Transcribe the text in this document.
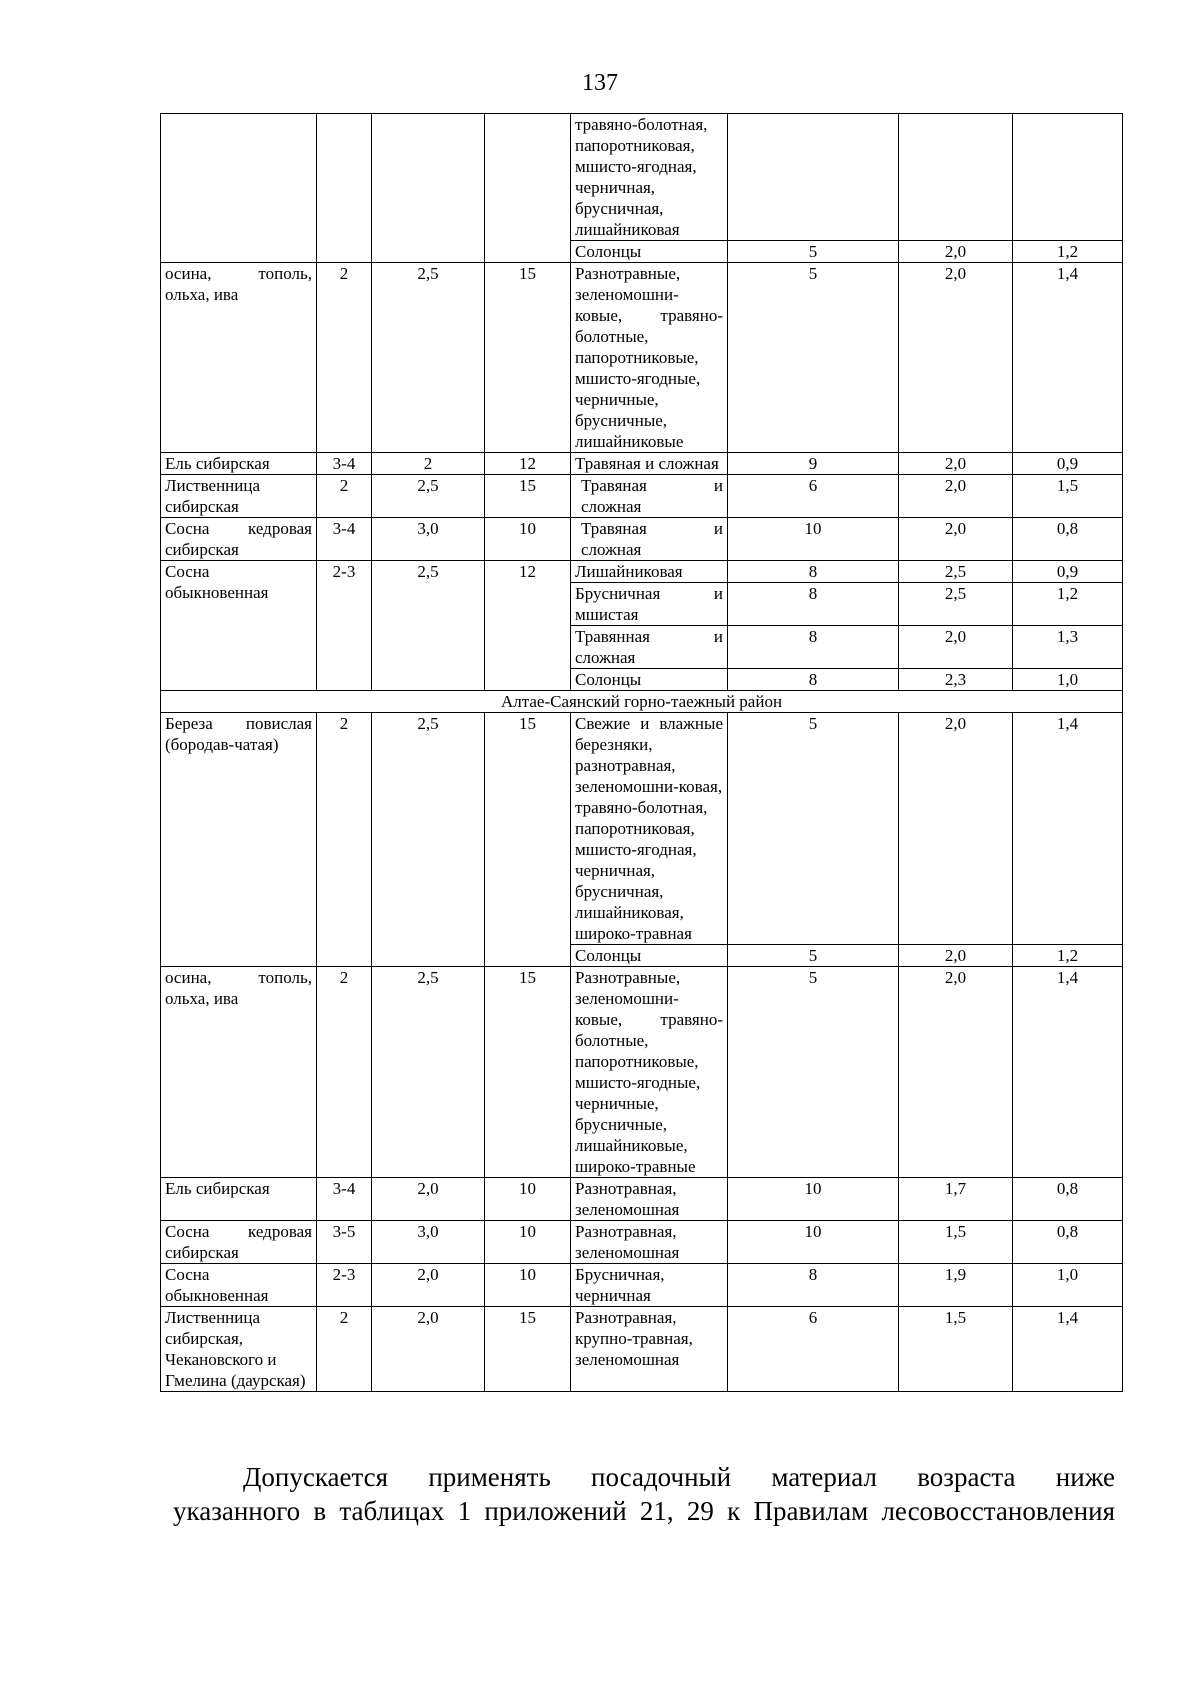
137
				травяно-болотная, папоротниковая, мшисто-ягодная, черничная, брусничная, лишайниковая			
				Солонцы	5	2,0	1,2
осина, тополь, ольха, ива	2	2,5	15	Разнотравные, зеленомошни-ковые, травяно-болотные, папоротниковые, мшисто-ягодные, черничные, брусничные, лишайниковые	5	2,0	1,4
Ель сибирская	3-4	2	12	Травяная и сложная	9	2,0	0,9
Лиственница сибирская	2	2,5	15	Травяная и сложная	6	2,0	1,5
Сосна кедровая сибирская	3-4	3,0	10	Травяная и сложная	10	2,0	0,8
Сосна обыкновенная	2-3	2,5	12	Лишайниковая	8	2,5	0,9
				Брусничная и мшистая	8	2,5	1,2
				Травянная и сложная	8	2,0	1,3
				Солонцы	8	2,3	1,0
Алтае-Саянский горно-таежный район							
Береза повислая (бородав-чатая)	2	2,5	15	Свежие и влажные березняки, разнотравная, зеленомошни-ковая, травяно-болотная, папоротниковая, мшисто-ягодная, черничная, брусничная, лишайниковая, широко-травная	5	2,0	1,4
				Солонцы	5	2,0	1,2
осина, тополь, ольха, ива	2	2,5	15	Разнотравные, зеленомошни-ковые, травяно-болотные, папоротниковые, мшисто-ягодные, черничные, брусничные, лишайниковые, широко-травные	5	2,0	1,4
Ель сибирская	3-4	2,0	10	Разнотравная, зеленомошная	10	1,7	0,8
Сосна кедровая сибирская	3-5	3,0	10	Разнотравная, зеленомошная	10	1,5	0,8
Сосна обыкновенная	2-3	2,0	10	Брусничная, черничная	8	1,9	1,0
Лиственница сибирская, Чекановского и Гмелина (даурская)	2	2,0	15	Разнотравная, крупно-травная, зеленомошная	6	1,5	1,4
Допускается применять посадочный материал возраста ниже
указанного в таблицах 1 приложений 21, 29 к Правилам лесовосстановления
